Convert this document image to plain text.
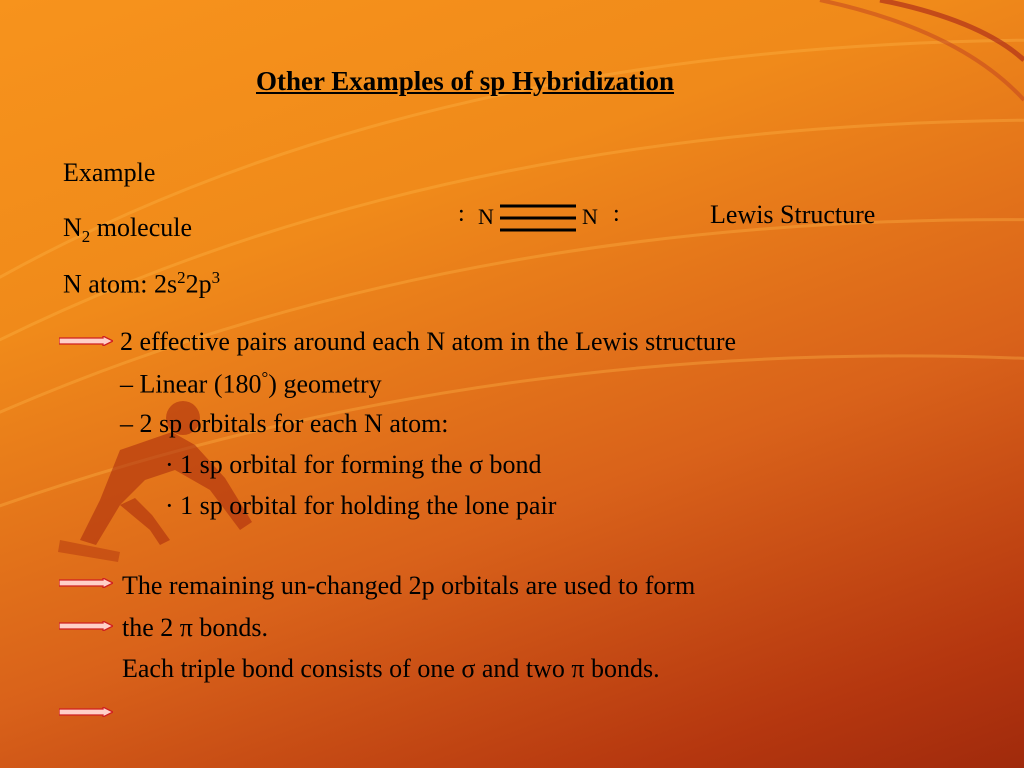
Other Examples of sp Hybridization
Example
$N_2$ molecule
N atom: $2s^22p^3$
: N	N :	Lewis Structure
2 effective pairs around each N atom in the Lewis structure
– Linear (180°) geometry
– 2 sp orbitals for each N atom:
· 1 sp orbital for forming the σ bond
· 1 sp orbital for holding the lone pair
The remaining un-changed 2p orbitals are used to form
the 2 π bonds.
Each triple bond consists of one σ and two π bonds.
